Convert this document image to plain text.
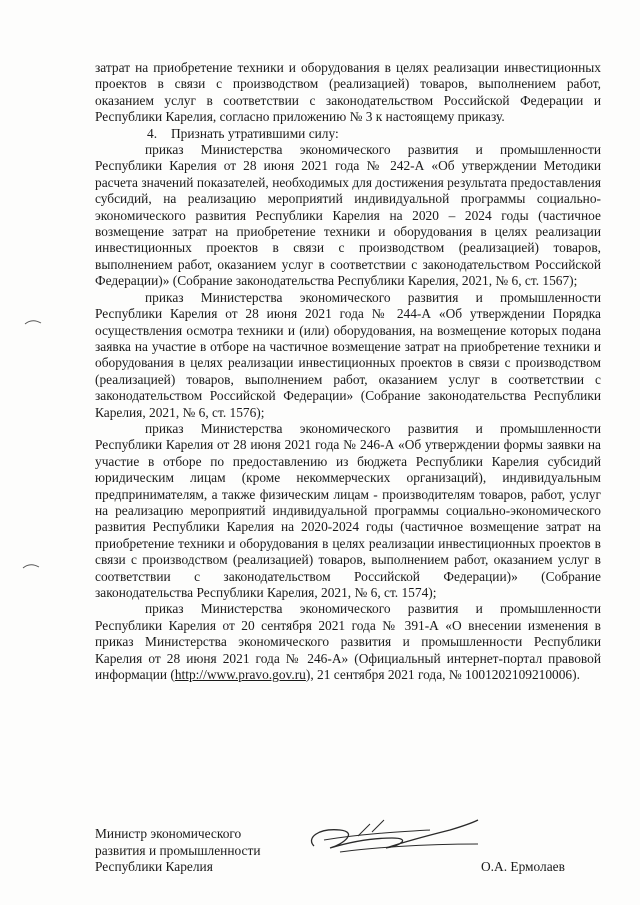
затрат на приобретение техники и оборудования в целях реализации инвестиционных проектов в связи с производством (реализацией) товаров, выполнением работ, оказанием услуг в соответствии с законодательством Российской Федерации и Республики Карелия, согласно приложению № 3 к настоящему приказу.

4. Признать утратившими силу:

приказ Министерства экономического развития и промышленности Республики Карелия от 28 июня 2021 года № 242-А «Об утверждении Методики расчета значений показателей, необходимых для достижения результата предоставления субсидий, на реализацию мероприятий индивидуальной программы социально-экономического развития Республики Карелия на 2020 – 2024 годы (частичное возмещение затрат на приобретение техники и оборудования в целях реализации инвестиционных проектов в связи с производством (реализацией) товаров, выполнением работ, оказанием услуг в соответствии с законодательством Российской Федерации)» (Собрание законодательства Республики Карелия, 2021, № 6, ст. 1567);

приказ Министерства экономического развития и промышленности Республики Карелия от 28 июня 2021 года № 244-А «Об утверждении Порядка осуществления осмотра техники и (или) оборудования, на возмещение которых подана заявка на участие в отборе на частичное возмещение затрат на приобретение техники и оборудования в целях реализации инвестиционных проектов в связи с производством (реализацией) товаров, выполнением работ, оказанием услуг в соответствии с законодательством Российской Федерации» (Собрание законодательства Республики Карелия, 2021, № 6, ст. 1576);

приказ Министерства экономического развития и промышленности Республики Карелия от 28 июня 2021 года № 246-А «Об утверждении формы заявки на участие в отборе по предоставлению из бюджета Республики Карелия субсидий юридическим лицам (кроме некоммерческих организаций), индивидуальным предпринимателям, а также физическим лицам - производителям товаров, работ, услуг на реализацию мероприятий индивидуальной программы социально-экономического развития Республики Карелия на 2020-2024 годы (частичное возмещение затрат на приобретение техники и оборудования в целях реализации инвестиционных проектов в связи с производством (реализацией) товаров, выполнением работ, оказанием услуг в соответствии с законодательством Российской Федерации)» (Собрание законодательства Республики Карелия, 2021, № 6, ст. 1574);

приказ Министерства экономического развития и промышленности Республики Карелия от 20 сентября 2021 года № 391-А «О внесении изменения в приказ Министерства экономического развития и промышленности Республики Карелия от 28 июня 2021 года № 246-А» (Официальный интернет-портал правовой информации (http://www.pravo.gov.ru), 21 сентября 2021 года, № 1001202109210006).

Министр экономического
развития и промышленности
Республики Карелия	О.А. Ермолаев
